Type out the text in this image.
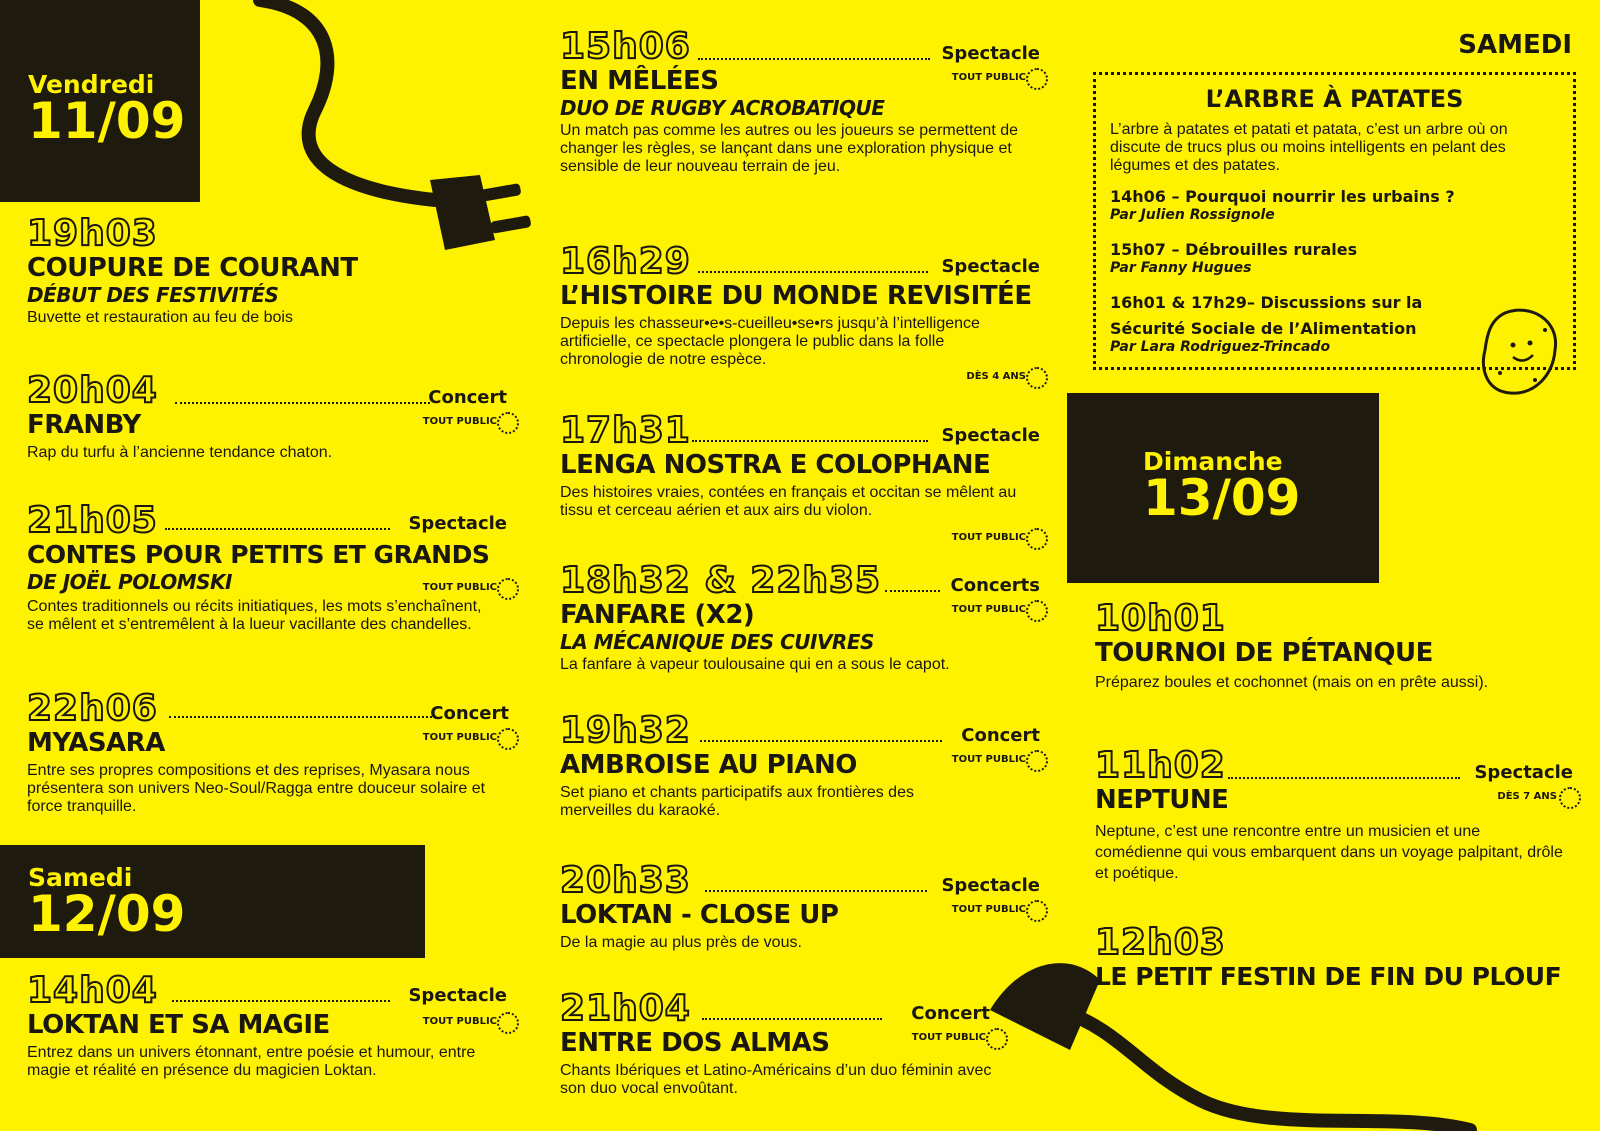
Vendredi
11/09
Samedi
12/09
Dimanche
13/09
19h03
COUPURE DE COURANT
DÉBUT DES FESTIVITÉS
Buvette et restauration au feu de bois
20h04	Concert
TOUT PUBLIC
FRANBY
Rap du turfu à l’ancienne tendance chaton.
21h05	Spectacle
CONTES POUR PETITS ET GRANDS
DE JOËL POLOMSKI	TOUT PUBLIC
Contes traditionnels ou récits initiatiques, les mots s’enchaînent, se mêlent et s’entremêlent à la lueur vacillante des chandelles.
22h06	Concert
TOUT PUBLIC
MYASARA
Entre ses propres compositions et des reprises, Myasara nous présentera son univers Neo-Soul/Ragga entre douceur solaire et force tranquille.
14h04	Spectacle
TOUT PUBLIC
LOKTAN ET SA MAGIE
Entrez dans un univers étonnant, entre poésie et humour, entre magie et réalité en présence du magicien Loktan.
15h06	Spectacle
TOUT PUBLIC
EN MÊLÉES
DUO DE RUGBY ACROBATIQUE
Un match pas comme les autres ou les joueurs se permettent de changer les règles, se lançant dans une exploration physique et sensible de leur nouveau terrain de jeu.
16h29	Spectacle
L’HISTOIRE DU MONDE REVISITÉE
Depuis les chasseur•e•s-cueilleu•se•rs jusqu’à l’intelligence artificielle, ce spectacle plongera le public dans la folle chronologie de notre espèce.
DÈS 4 ANS
17h31	Spectacle
LENGA NOSTRA E COLOPHANE
Des histoires vraies, contées en français et occitan se mêlent au tissu et cerceau aérien et aux airs du violon.
TOUT PUBLIC
18h32 & 22h35	Concerts
TOUT PUBLIC
FANFARE (X2)
LA MÉCANIQUE DES CUIVRES
La fanfare à vapeur toulousaine qui en a sous le capot.
19h32	Concert
TOUT PUBLIC
AMBROISE AU PIANO
Set piano et chants participatifs aux frontières des merveilles du karaoké.
20h33	Spectacle
TOUT PUBLIC
LOKTAN - CLOSE UP
De la magie au plus près de vous.
21h04	Concert
TOUT PUBLIC
ENTRE DOS ALMAS
Chants Ibériques et Latino-Américains d’un duo féminin avec son duo vocal envoûtant.
SAMEDI
L’ARBRE À PATATES
L’arbre à patates et patati et patata, c’est un arbre où on discute de trucs plus ou moins intelligents en pelant des légumes et des patates.
14h06 – Pourquoi nourrir les urbains ?
Par Julien Rossignole
15h07 – Débrouilles rurales
Par Fanny Hugues
16h01 & 17h29– Discussions sur la
Sécurité Sociale de l’Alimentation
Par Lara Rodriguez-Trincado
10h01
TOURNOI DE PÉTANQUE
Préparez boules et cochonnet (mais on en prête aussi).
11h02	Spectacle
DÈS 7 ANS
NEPTUNE
Neptune, c’est une rencontre entre un musicien et une comédienne qui vous embarquent dans un voyage palpitant, drôle et poétique.
12h03
LE PETIT FESTIN DE FIN DU PLOUF
